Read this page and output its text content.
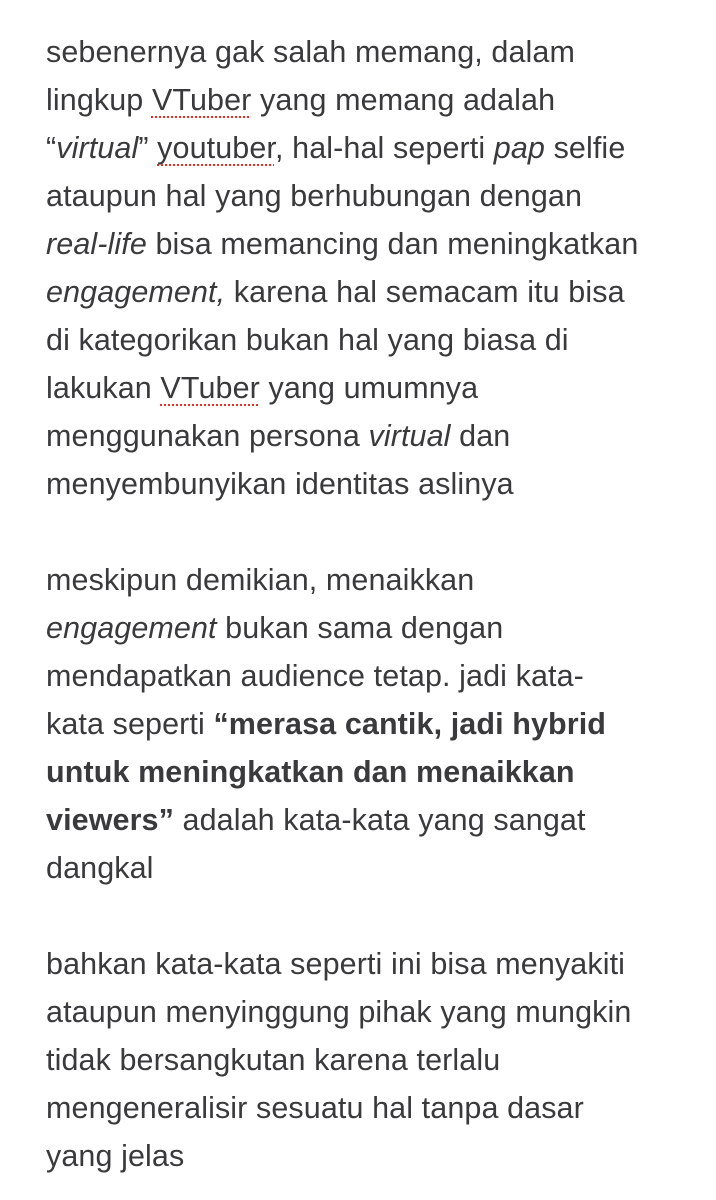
sebenernya gak salah memang, dalam
lingkup VTuber yang memang adalah
“virtual” youtuber, hal-hal seperti pap selfie
ataupun hal yang berhubungan dengan
real-life bisa memancing dan meningkatkan
engagement, karena hal semacam itu bisa
di kategorikan bukan hal yang biasa di
lakukan VTuber yang umumnya
menggunakan persona virtual dan
menyembunyikan identitas aslinya
meskipun demikian, menaikkan
engagement bukan sama dengan
mendapatkan audience tetap. jadi kata-
kata seperti “merasa cantik, jadi hybrid
untuk meningkatkan dan menaikkan
viewers” adalah kata-kata yang sangat
dangkal
bahkan kata-kata seperti ini bisa menyakiti
ataupun menyinggung pihak yang mungkin
tidak bersangkutan karena terlalu
mengeneralisir sesuatu hal tanpa dasar
yang jelas
